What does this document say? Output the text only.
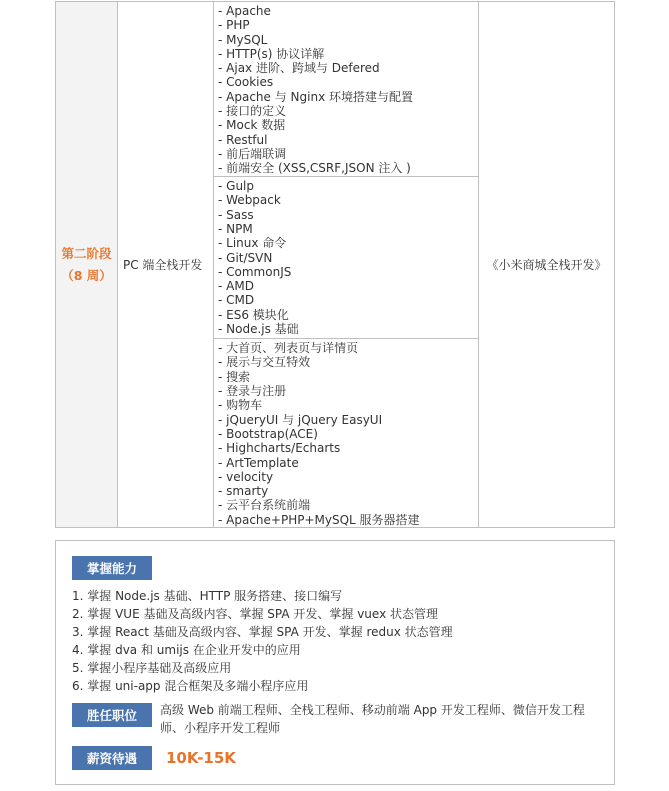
第二阶段
（8 周）
PC 端全栈开发
- Apache
- PHP
- MySQL
- HTTP(s) 协议详解
- Ajax 进阶、跨域与 Defered
- Cookies
- Apache 与 Nginx 环境搭建与配置
- 接口的定义
- Mock 数据
- Restful
- 前后端联调
- 前端安全 (XSS,CSRF,JSON 注入 )
- Gulp
- Webpack
- Sass
- NPM
- Linux 命令
- Git/SVN
- CommonJS
- AMD
- CMD
- ES6 模块化
- Node.js 基础
- 大首页、列表页与详情页
- 展示与交互特效
- 搜索
- 登录与注册
- 购物车
- jQueryUI 与 jQuery EasyUI
- Bootstrap(ACE)
- Highcharts/Echarts
- ArtTemplate
- velocity
- smarty
- 云平台系统前端
- Apache+PHP+MySQL 服务器搭建
《小米商城全栈开发》
掌握能力
1. 掌握 Node.js 基础、HTTP 服务搭建、接口编写
2. 掌握 VUE 基础及高级内容、掌握 SPA 开发、掌握 vuex 状态管理
3. 掌握 React 基础及高级内容、掌握 SPA 开发、掌握 redux 状态管理
4. 掌握 dva 和 umijs 在企业开发中的应用
5. 掌握小程序基础及高级应用
6. 掌握 uni-app 混合框架及多端小程序应用
胜任职位	高级 Web 前端工程师、全栈工程师、移动前端 App 开发工程师、微信开发工程师、小程序开发工程师
薪资待遇	10K-15K
